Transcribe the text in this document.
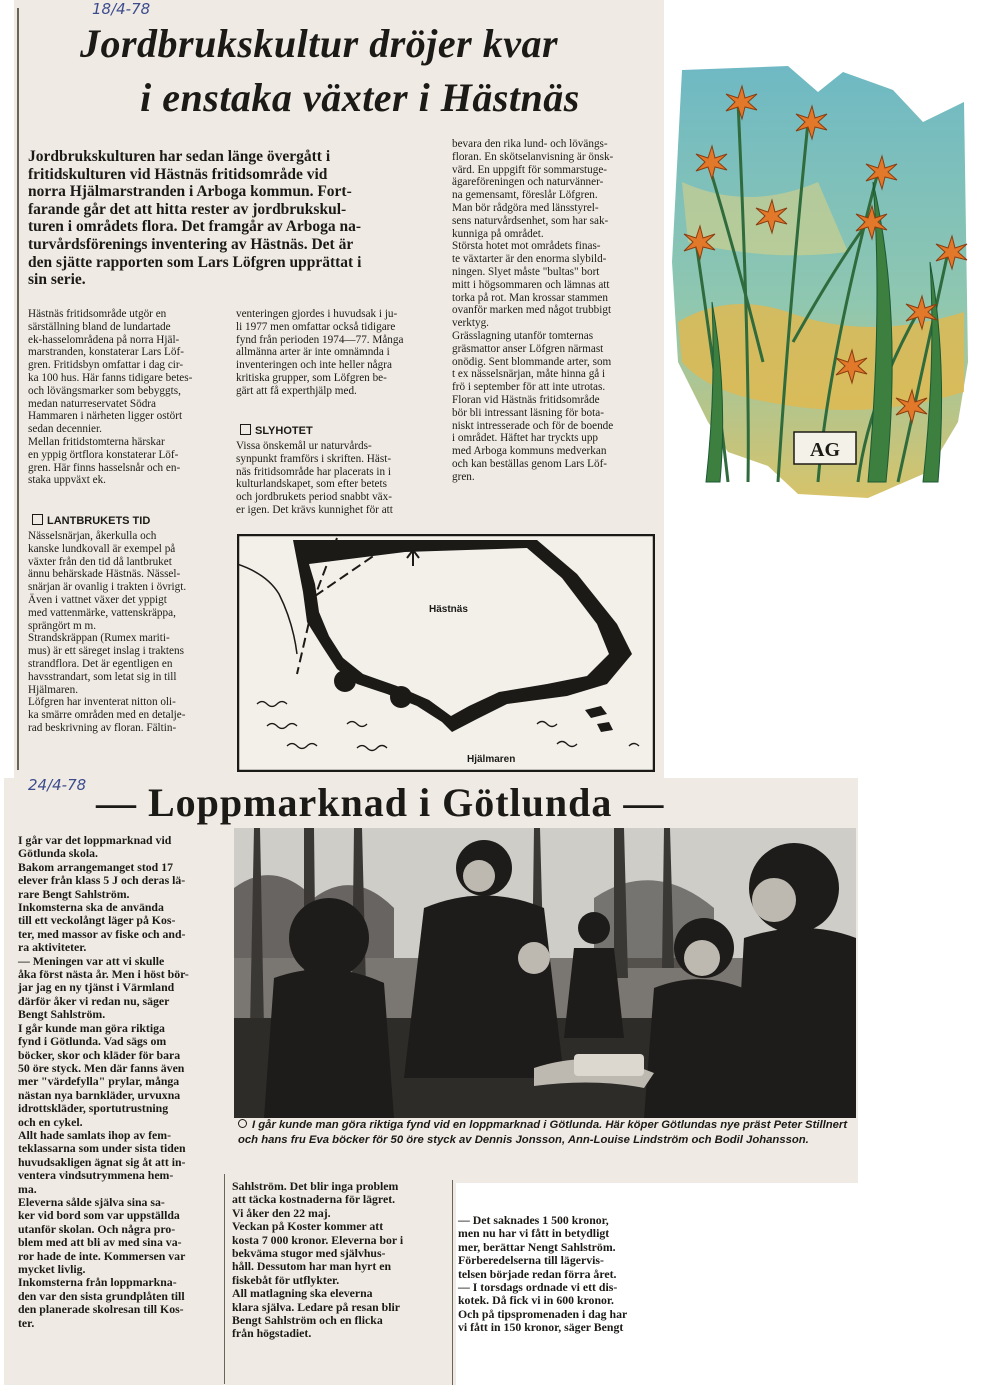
18/4-78
Jordbrukskultur dröjer kvar
i enstaka växter i Hästnäs
Jordbrukskulturen har sedan länge övergått i
fritidskulturen vid Hästnäs fritidsområde vid
norra Hjälmarstranden i Arboga kommun. Fort-
farande går det att hitta rester av jordbrukskul-
turen i områdets flora. Det framgår av Arboga na-
turvårdsförenings inventering av Hästnäs. Det är
den sjätte rapporten som Lars Löfgren upprättat i
sin serie.
Hästnäs fritidsområde utgör en
särställning bland de lundartade
ek-hasselområdena på norra Hjäl-
marstranden, konstaterar Lars Löf-
gren. Fritidsbyn omfattar i dag cir-
ka 100 hus. Här fanns tidigare betes-
och lövängsmarker som bebyggts,
medan naturreservatet Södra
Hammaren i närheten ligger ostört
sedan decennier.
Mellan fritidstomterna härskar
en yppig örtflora konstaterar Löf-
gren. Här finns hasselsnår och en-
staka uppväxt ek.
LANTBRUKETS TID
Nässelsnärjan, åkerkulla och
kanske lundkovall är exempel på
växter från den tid då lantbruket
ännu behärskade Hästnäs. Nässel-
snärjan är ovanlig i trakten i övrigt.
Även i vattnet växer det yppigt
med vattenmärke, vattenskräppa,
sprängört m m.
Strandskräppan (Rumex mariti-
mus) är ett säreget inslag i traktens
strandflora. Det är egentligen en
havsstrandart, som letat sig in till
Hjälmaren.
Löfgren har inventerat nitton oli-
ka smärre områden med en detalje-
rad beskrivning av floran. Fältin-
venteringen gjordes i huvudsak i ju-
li 1977 men omfattar också tidigare
fynd från perioden 1974—77. Många
allmänna arter är inte omnämnda i
inventeringen och inte heller några
kritiska grupper, som Löfgren be-
gärt att få experthjälp med.
SLYHOTET
Vissa önskemål ur naturvårds-
synpunkt framförs i skriften. Häst-
näs fritidsområde har placerats in i
kulturlandskapet, som efter betets
och jordbrukets period snabbt väx-
er igen. Det krävs kunnighet för att
bevara den rika lund- och lövängs-
floran. En skötselanvisning är önsk-
värd. En uppgift för sommarstuge-
ägareföreningen och naturvänner-
na gemensamt, föreslår Löfgren.
Man bör rådgöra med länsstyrel-
sens naturvårdsenhet, som har sak-
kunniga på området.
Största hotet mot områdets finas-
te växtarter är den enorma slybild-
ningen. Slyet måste "bultas" bort
mitt i högsommaren och lämnas att
torka på rot. Man krossar stammen
ovanför marken med något trubbigt
verktyg.
Grässlagning utanför tomternas
gräsmattor anser Löfgren närmast
onödig. Sent blommande arter, som
t ex nässelsnärjan, måte hinna gå i
frö i september för att inte utrotas.
Floran vid Hästnäs fritidsområde
bör bli intressant läsning för bota-
niskt intresserade och för de boende
i området. Häftet har tryckts upp
med Arboga kommuns medverkan
och kan beställas genom Lars Löf-
gren.
MOT ARBOGA
Hästnäs
Hjälmaren
AG
24/4-78 — Loppmarknad i Götlunda —
I går var det loppmarknad vid
Götlunda skola.
Bakom arrangemanget stod 17
elever från klass 5 J och deras lä-
rare Bengt Sahlström.
Inkomsterna ska de använda
till ett veckolångt läger på Kos-
ter, med massor av fiske och and-
ra aktiviteter.
— Meningen var att vi skulle
åka först nästa år. Men i höst bör-
jar jag en ny tjänst i Värmland
därför åker vi redan nu, säger
Bengt Sahlström.
I går kunde man göra riktiga
fynd i Götlunda. Vad sägs om
böcker, skor och kläder för bara
50 öre styck. Men där fanns även
mer "värdefylla" prylar, många
nästan nya barnkläder, urvuxna
idrottskläder, sportutrustning
och en cykel.
Allt hade samlats ihop av fem-
teklassarna som under sista tiden
huvudsakligen ägnat sig åt att in-
ventera vindsutrymmena hem-
ma.
Eleverna sålde själva sina sa-
ker vid bord som var uppställda
utanför skolan. Och några pro-
blem med att bli av med sina va-
ror hade de inte. Kommersen var
mycket livlig.
Inkomsterna från loppmarkna-
den var den sista grundplåten till
den planerade skolresan till Kos-
ter.
I går kunde man göra riktiga fynd vid en loppmarknad i Götlunda. Här köper Götlundas nye präst Peter Stillnert och hans fru Eva böcker för 50 öre styck av Dennis Jonsson, Ann-Louise Lindström och Bodil Johansson.
Sahlström. Det blir inga problem
att täcka kostnaderna för lägret.
Vi åker den 22 maj.
Veckan på Koster kommer att
kosta 7 000 kronor. Eleverna bor i
bekväma stugor med självhus-
håll. Dessutom har man hyrt en
fiskebåt för utflykter.
All matlagning ska eleverna
klara själva. Ledare på resan blir
Bengt Sahlström och en flicka
från högstadiet.
— Det saknades 1 500 kronor,
men nu har vi fått in betydligt
mer, berättar Nengt Sahlström.
Förberedelserna till lägervis-
telsen började redan förra året.
— I torsdags ordnade vi ett dis-
kotek. Då fick vi in 600 kronor.
Och på tipspromenaden i dag har
vi fått in 150 kronor, säger Bengt
